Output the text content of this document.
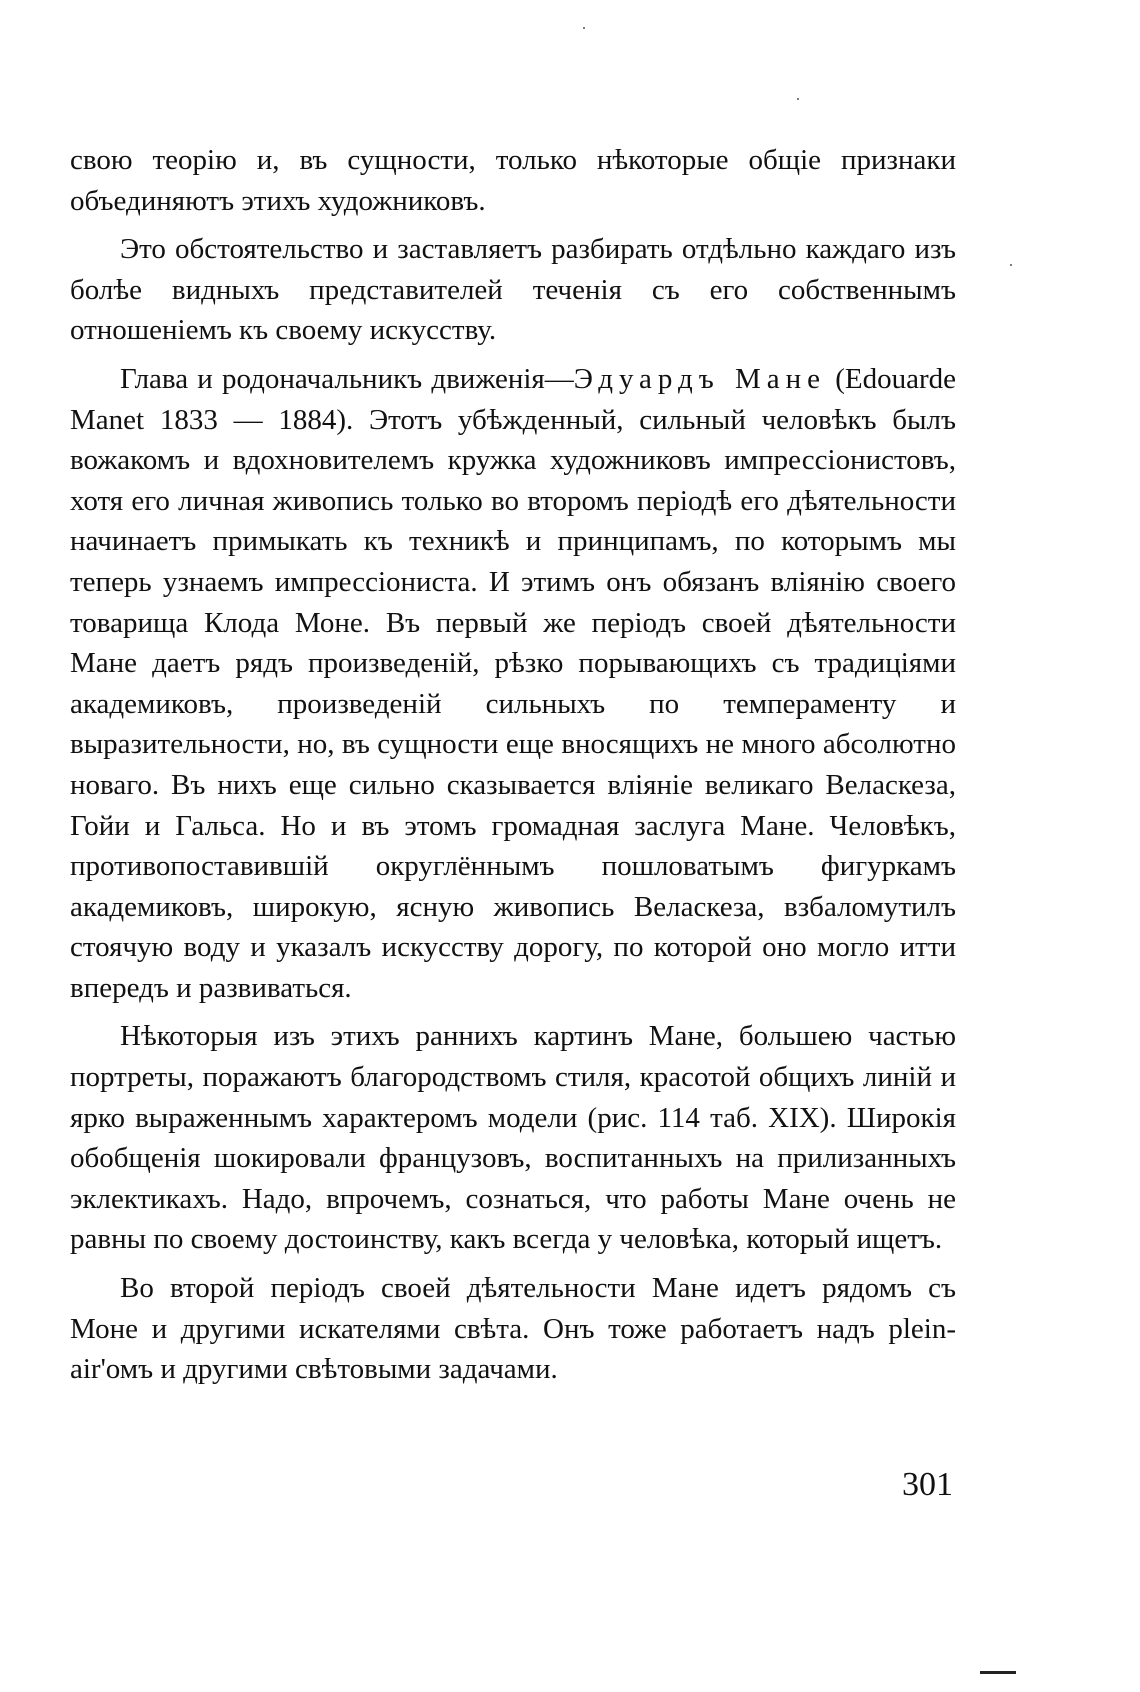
свою теорію и, въ сущности, только нѣкоторые общіе признаки объединяютъ этихъ художниковъ.

Это обстоятельство и заставляетъ разбирать отдѣльно каждаго изъ болѣе видныхъ представителей теченія съ его собственнымъ отношеніемъ къ своему искусству.

Глава и родоначальникъ движенія—Эдуардъ Мане (Edouarde Manet 1833 — 1884). Этотъ убѣжденный, сильный человѣкъ былъ вожакомъ и вдохновителемъ кружка художниковъ импрессіонистовъ, хотя его личная живопись только во второмъ періодѣ его дѣятельности начинаетъ примыкать къ техникѣ и принципамъ, по которымъ мы теперь узнаемъ импрессіониста. И этимъ онъ обязанъ вліянію своего товарища Клода Моне. Въ первый же періодъ своей дѣятельности Мане даетъ рядъ произведеній, рѣзко порывающихъ съ традиціями академиковъ, произведеній сильныхъ по темпераменту и выразительности, но, въ сущности еще вносящихъ не много абсолютно новаго. Въ нихъ еще сильно сказывается вліяніе великаго Веласкеза, Гойи и Гальса. Но и въ этомъ громадная заслуга Мане. Человѣкъ, противопоставившій округлённымъ пошловатымъ фигуркамъ академиковъ, широкую, ясную живопись Веласкеза, взбаломутилъ стоячую воду и указалъ искусству дорогу, по которой оно могло итти впередъ и развиваться.

Нѣкоторыя изъ этихъ раннихъ картинъ Мане, большею частью портреты, поражаютъ благородствомъ стиля, красотой общихъ линій и ярко выраженнымъ характеромъ модели (рис. 114 таб. XIX). Широкія обобщенія шокировали французовъ, воспитанныхъ на прилизанныхъ эклектикахъ. Надо, впрочемъ, сознаться, что работы Мане очень не равны по своему достоинству, какъ всегда у человѣка, который ищетъ.

Во второй періодъ своей дѣятельности Мане идетъ рядомъ съ Моне и другими искателями свѣта. Онъ тоже работаетъ надъ plein-air'омъ и другими свѣтовыми задачами.

301
